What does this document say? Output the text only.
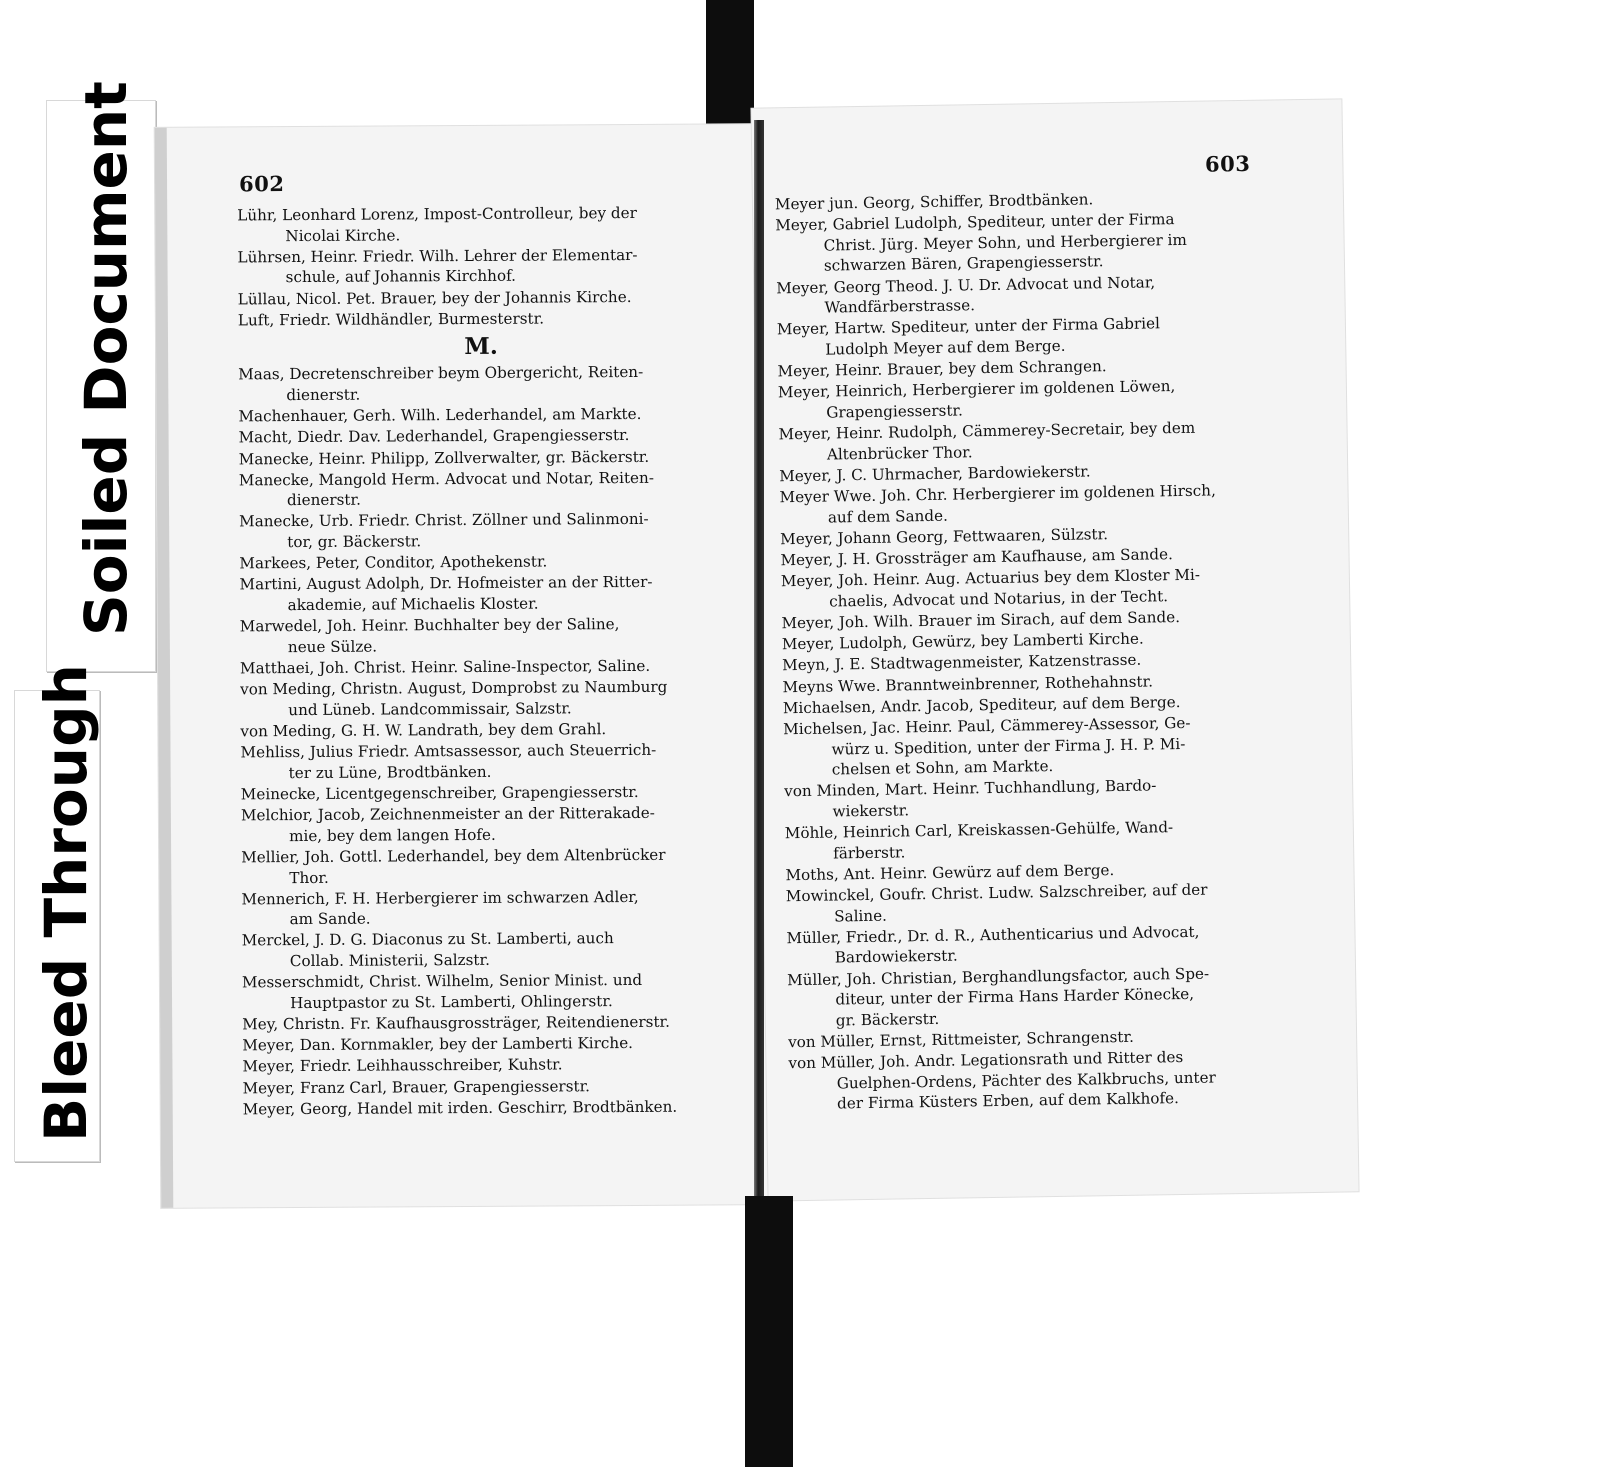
Bleed Through
Soiled Document	602
Lühr, Leonhard Lorenz, Impost-Controlleur, bey der
Nicolai Kirche.
Lührsen, Heinr. Friedr. Wilh. Lehrer der Elementar-
schule, auf Johannis Kirchhof.
Lüllau, Nicol. Pet. Brauer, bey der Johannis Kirche.
Luft, Friedr. Wildhändler, Burmesterstr.
M.
Maas, Decretenschreiber beym Obergericht, Reiten-
dienerstr.
Machenhauer, Gerh. Wilh. Lederhandel, am Markte.
Macht, Diedr. Dav. Lederhandel, Grapengiesserstr.
Manecke, Heinr. Philipp, Zollverwalter, gr. Bäckerstr.
Manecke, Mangold Herm. Advocat und Notar, Reiten-
dienerstr.
Manecke, Urb. Friedr. Christ. Zöllner und Salinmoni-
tor, gr. Bäckerstr.
Markees, Peter, Conditor, Apothekenstr.
Martini, August Adolph, Dr. Hofmeister an der Ritter-
akademie, auf Michaelis Kloster.
Marwedel, Joh. Heinr. Buchhalter bey der Saline,
neue Sülze.
Matthaei, Joh. Christ. Heinr. Saline-Inspector, Saline.
von Meding, Christn. August, Domprobst zu Naumburg
und Lüneb. Landcommissair, Salzstr.
von Meding, G. H. W. Landrath, bey dem Grahl.
Mehliss, Julius Friedr. Amtsassessor, auch Steuerrich-
ter zu Lüne, Brodtbänken.
Meinecke, Licentgegenschreiber, Grapengiesserstr.
Melchior, Jacob, Zeichnenmeister an der Ritterakade-
mie, bey dem langen Hofe.
Mellier, Joh. Gottl. Lederhandel, bey dem Altenbrücker
Thor.
Mennerich, F. H. Herbergierer im schwarzen Adler,
am Sande.
Merckel, J. D. G. Diaconus zu St. Lamberti, auch
Collab. Ministerii, Salzstr.
Messerschmidt, Christ. Wilhelm, Senior Minist. und
Hauptpastor zu St. Lamberti, Ohlingerstr.
Mey, Christn. Fr. Kaufhausgrossträger, Reitendienerstr.
Meyer, Dan. Kornmakler, bey der Lamberti Kirche.
Meyer, Friedr. Leihhausschreiber, Kuhstr.
Meyer, Franz Carl, Brauer, Grapengiesserstr.
Meyer, Georg, Handel mit irden. Geschirr, Brodtbänken.
603
Meyer jun. Georg, Schiffer, Brodtbänken.
Meyer, Gabriel Ludolph, Spediteur, unter der Firma
Christ. Jürg. Meyer Sohn, und Herbergierer im
schwarzen Bären, Grapengiesserstr.
Meyer, Georg Theod. J. U. Dr. Advocat und Notar,
Wandfärberstrasse.
Meyer, Hartw. Spediteur, unter der Firma Gabriel
Ludolph Meyer auf dem Berge.
Meyer, Heinr. Brauer, bey dem Schrangen.
Meyer, Heinrich, Herbergierer im goldenen Löwen,
Grapengiesserstr.
Meyer, Heinr. Rudolph, Cämmerey-Secretair, bey dem
Altenbrücker Thor.
Meyer, J. C. Uhrmacher, Bardowiekerstr.
Meyer Wwe. Joh. Chr. Herbergierer im goldenen Hirsch,
auf dem Sande.
Meyer, Johann Georg, Fettwaaren, Sülzstr.
Meyer, J. H. Grossträger am Kaufhause, am Sande.
Meyer, Joh. Heinr. Aug. Actuarius bey dem Kloster Mi-
chaelis, Advocat und Notarius, in der Techt.
Meyer, Joh. Wilh. Brauer im Sirach, auf dem Sande.
Meyer, Ludolph, Gewürz, bey Lamberti Kirche.
Meyn, J. E. Stadtwagenmeister, Katzenstrasse.
Meyns Wwe. Branntweinbrenner, Rothehahnstr.
Michaelsen, Andr. Jacob, Spediteur, auf dem Berge.
Michelsen, Jac. Heinr. Paul, Cämmerey-Assessor, Ge-
würz u. Spedition, unter der Firma J. H. P. Mi-
chelsen et Sohn, am Markte.
von Minden, Mart. Heinr. Tuchhandlung, Bardo-
wiekerstr.
Möhle, Heinrich Carl, Kreiskassen-Gehülfe, Wand-
färberstr.
Moths, Ant. Heinr. Gewürz auf dem Berge.
Mowinckel, Goufr. Christ. Ludw. Salzschreiber, auf der
Saline.
Müller, Friedr., Dr. d. R., Authenticarius und Advocat,
Bardowiekerstr.
Müller, Joh. Christian, Berghandlungsfactor, auch Spe-
diteur, unter der Firma Hans Harder Könecke,
gr. Bäckerstr.
von Müller, Ernst, Rittmeister, Schrangenstr.
von Müller, Joh. Andr. Legationsrath und Ritter des
Guelphen-Ordens, Pächter des Kalkbruchs, unter
der Firma Küsters Erben, auf dem Kalkhofe.
